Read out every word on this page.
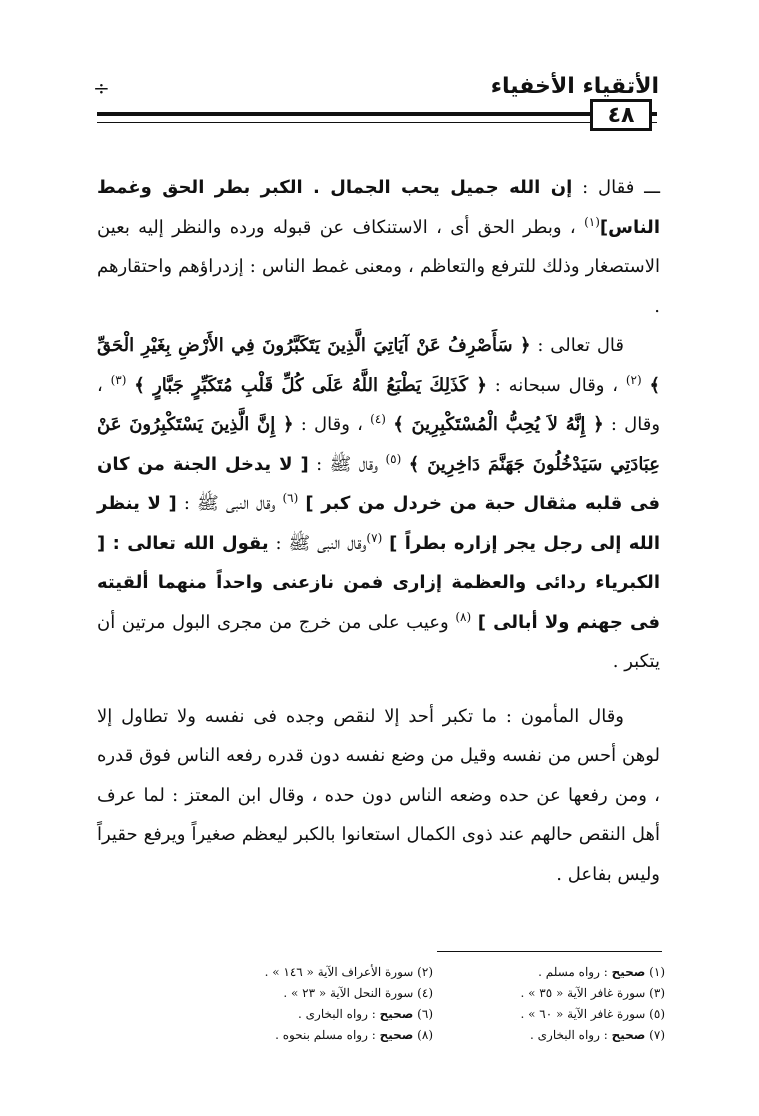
الأتقياء الأخفياء
÷
٤٨

ـــ فقال : إن الله جميل يحب الجمال . الكبر بطر الحق وغمط الناس]$^{(١)}$ ، وبطر الحق أى ، الاستنكاف عن قبوله ورده والنظر إليه بعين الاستصغار وذلك للترفع والتعاظم ، ومعنى غمط الناس : إزدراؤهم واحتقارهم .

قال تعالى : ﴿ سَأَصْرِفُ عَنْ آيَاتِيَ الَّذِينَ يَتَكَبَّرُونَ فِي الأَرْضِ بِغَيْرِ الْحَقِّ ﴾ $^{(٢)}$ ، وقال سبحانه : ﴿ كَذَلِكَ يَطْبَعُ اللَّهُ عَلَى كُلِّ قَلْبِ مُتَكَبِّرٍ جَبَّارٍ ﴾ $^{(٣)}$ ، وقال : ﴿ إِنَّهُ لاَ يُحِبُّ الْمُسْتَكْبِرِينَ ﴾ $^{(٤)}$ ، وقال : ﴿ إِنَّ الَّذِينَ يَسْتَكْبِرُونَ عَنْ عِبَادَتِي سَيَدْخُلُونَ جَهَنَّمَ دَاخِرِينَ ﴾ $^{(٥)}$ وقال ﷺ : [ لا يدخل الجنة من كان فى قلبه مثقال حبة من خردل من كبر ] $^{(٦)}$ وقال النبى ﷺ : [ لا ينظر الله إلى رجل يجر إزاره بطراً ] $^{(٧)}$وقال النبى ﷺ : يقول الله تعالى : [ الكبرياء ردائى والعظمة إزارى فمن نازعنى واحداً منهما ألقيته فى جهنم ولا أبالى ] $^{(٨)}$ وعيب على من خرج من مجرى البول مرتين أن يتكبر .

وقال المأمون : ما تكبر أحد إلا لنقص وجده فى نفسه ولا تطاول إلا لوهن أحس من نفسه وقيل من وضع نفسه دون قدره رفعه الناس فوق قدره ، ومن رفعها عن حده وضعه الناس دون حده ، وقال ابن المعتز : لما عرف أهل النقص حالهم عند ذوى الكمال استعانوا بالكبر ليعظم صغيراً ويرفع حقيراً وليس بفاعل .

(١) صحيح : رواه مسلم .
(٢) سورة الأعراف الآية « ١٤٦ » .
(٣) سورة غافر الآية « ٣٥ » .
(٤) سورة النحل الآية « ٢٣ » .
(٥) سورة غافر الآية « ٦٠ » .
(٦) صحيح : رواه البخارى .
(٧) صحيح : رواه البخارى .
(٨) صحيح : رواه مسلم بنحوه .
